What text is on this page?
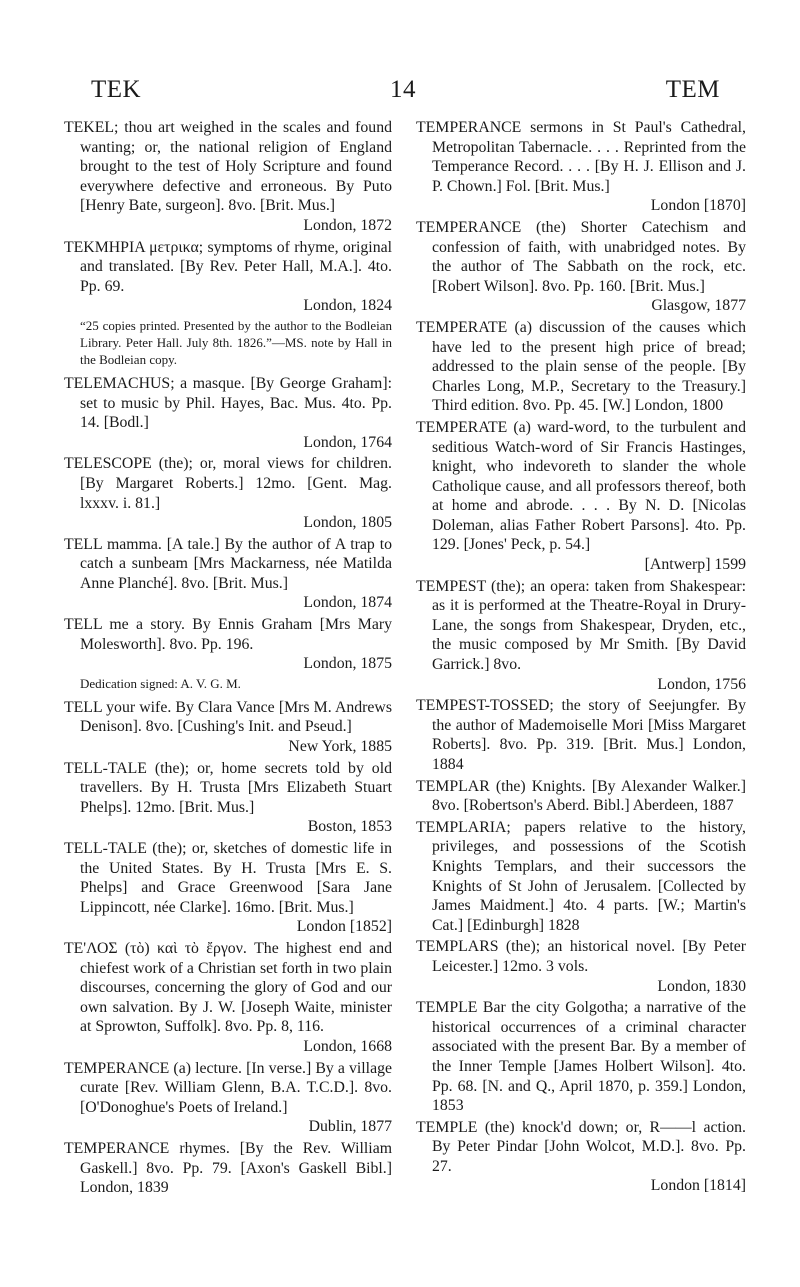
TEK	14	TEM
TEKEL; thou art weighed in the scales and found wanting; or, the national religion of England brought to the test of Holy Scripture and found everywhere defective and erroneous. By Puto [Henry Bate, surgeon]. 8vo. [Brit. Mus.]
London, 1872
TEKMHPIA μετρικα; symptoms of rhyme, original and translated. [By Rev. Peter Hall, M.A.]. 4to. Pp. 69.
London, 1824
“25 copies printed. Presented by the author to the Bodleian Library. Peter Hall. July 8th. 1826.”—MS. note by Hall in the Bodleian copy.
TELEMACHUS; a masque. [By George Graham]: set to music by Phil. Hayes, Bac. Mus. 4to. Pp. 14. [Bodl.]
London, 1764
TELESCOPE (the); or, moral views for children. [By Margaret Roberts.] 12mo. [Gent. Mag. lxxxv. i. 81.]
London, 1805
TELL mamma. [A tale.] By the author of A trap to catch a sunbeam [Mrs Mackarness, née Matilda Anne Planché]. 8vo. [Brit. Mus.]
London, 1874
TELL me a story. By Ennis Graham [Mrs Mary Molesworth]. 8vo. Pp. 196.
London, 1875
Dedication signed: A. V. G. M.
TELL your wife. By Clara Vance [Mrs M. Andrews Denison]. 8vo. [Cushing's Init. and Pseud.]
New York, 1885
TELL-TALE (the); or, home secrets told by old travellers. By H. Trusta [Mrs Elizabeth Stuart Phelps]. 12mo. [Brit. Mus.]
Boston, 1853
TELL-TALE (the); or, sketches of domestic life in the United States. By H. Trusta [Mrs E. S. Phelps] and Grace Greenwood [Sara Jane Lippincott, née Clarke]. 16mo. [Brit. Mus.]
London [1852]
TE'ΛΟΣ (τὸ) καὶ τὸ ἔργον. The highest end and chiefest work of a Christian set forth in two plain discourses, concerning the glory of God and our own salvation. By J. W. [Joseph Waite, minister at Sprowton, Suffolk]. 8vo. Pp. 8, 116.
London, 1668
TEMPERANCE (a) lecture. [In verse.] By a village curate [Rev. William Glenn, B.A. T.C.D.]. 8vo. [O'Donoghue's Poets of Ireland.]
Dublin, 1877
TEMPERANCE rhymes. [By the Rev. William Gaskell.] 8vo. Pp. 79. [Axon's Gaskell Bibl.] London, 1839
TEMPERANCE sermons in St Paul's Cathedral, Metropolitan Tabernacle. . . . Reprinted from the Temperance Record. . . . [By H. J. Ellison and J. P. Chown.] Fol. [Brit. Mus.]
London [1870]
TEMPERANCE (the) Shorter Catechism and confession of faith, with unabridged notes. By the author of The Sabbath on the rock, etc. [Robert Wilson]. 8vo. Pp. 160. [Brit. Mus.]
Glasgow, 1877
TEMPERATE (a) discussion of the causes which have led to the present high price of bread; addressed to the plain sense of the people. [By Charles Long, M.P., Secretary to the Treasury.] Third edition. 8vo. Pp. 45. [W.] London, 1800
TEMPERATE (a) ward-word, to the turbulent and seditious Watch-word of Sir Francis Hastinges, knight, who indevoreth to slander the whole Catholique cause, and all professors thereof, both at home and abrode. . . . By N. D. [Nicolas Doleman, alias Father Robert Parsons]. 4to. Pp. 129. [Jones' Peck, p. 54.]
[Antwerp] 1599
TEMPEST (the); an opera: taken from Shakespear: as it is performed at the Theatre-Royal in Drury-Lane, the songs from Shakespear, Dryden, etc., the music composed by Mr Smith. [By David Garrick.] 8vo.
London, 1756
TEMPEST-TOSSED; the story of Seejungfer. By the author of Mademoiselle Mori [Miss Margaret Roberts]. 8vo. Pp. 319. [Brit. Mus.] London, 1884
TEMPLAR (the) Knights. [By Alexander Walker.] 8vo. [Robertson's Aberd. Bibl.] Aberdeen, 1887
TEMPLARIA; papers relative to the history, privileges, and possessions of the Scotish Knights Templars, and their successors the Knights of St John of Jerusalem. [Collected by James Maidment.] 4to. 4 parts. [W.; Martin's Cat.] [Edinburgh] 1828
TEMPLARS (the); an historical novel. [By Peter Leicester.] 12mo. 3 vols.
London, 1830
TEMPLE Bar the city Golgotha; a narrative of the historical occurrences of a criminal character associated with the present Bar. By a member of the Inner Temple [James Holbert Wilson]. 4to. Pp. 68. [N. and Q., April 1870, p. 359.] London, 1853
TEMPLE (the) knock'd down; or, R——l action. By Peter Pindar [John Wolcot, M.D.]. 8vo. Pp. 27.
London [1814]
